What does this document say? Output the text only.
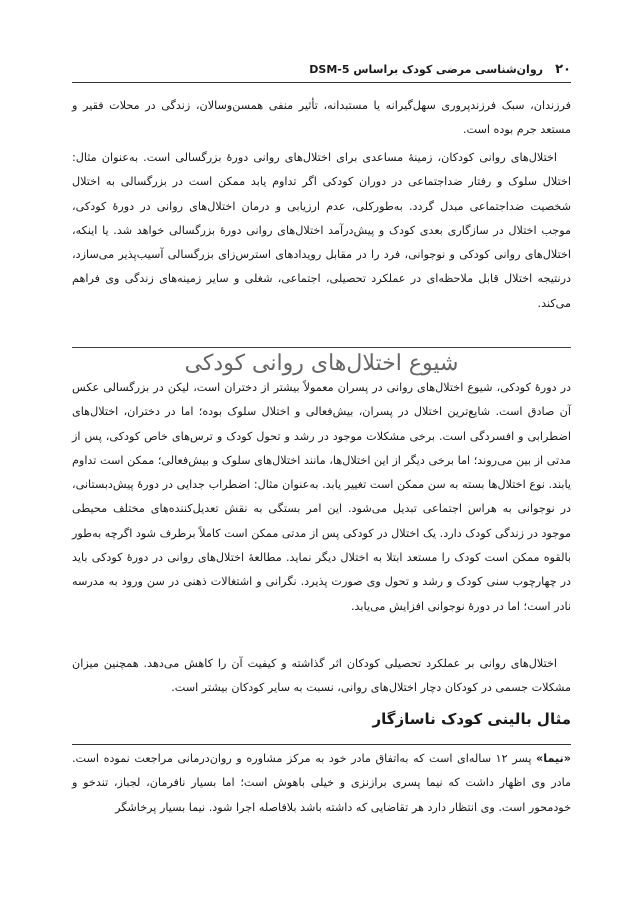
۲۰
روان‌شناسی مرضی کودک براساس DSM-5

فرزندان، سبک فرزندپروری سهل‌گیرانه یا مستبدانه، تأثیر منفی همسن‌وسالان، زندگی در محلات فقیر و مستعد جرم بوده است.

اختلال‌های روانی کودکان، زمینهٔ مساعدی برای اختلال‌های روانی دورهٔ بزرگسالی است. به‌عنوان مثال: اختلال سلوک و رفتار ضداجتماعی در دوران کودکی اگر تداوم یابد ممکن است در بزرگسالی به اختلال شخصیت ضداجتماعی مبدل گردد. به‌طورکلی، عدم ارزیابی و درمان اختلال‌های روانی در دورهٔ کودکی، موجب اختلال در سازگاری بعدی کودک و پیش‌درآمد اختلال‌های روانی دورهٔ بزرگسالی خواهد شد. یا اینکه، اختلال‌های روانی کودکی و نوجوانی، فرد را در مقابل رویدادهای استرس‌زای بزرگسالی آسیب‌پذیر می‌سازد، درنتیجه اختلال قابل ملاحظه‌ای در عملکرد تحصیلی، اجتماعی، شغلی و سایر زمینه‌های زندگی وی فراهم می‌کند.

شیوع اختلال‌های روانی کودکی

در دورهٔ کودکی، شیوع اختلال‌های روانی در پسران معمولاً بیشتر از دختران است، لیکن در بزرگسالی عکس آن صادق است. شایع‌ترین اختلال در پسران، بیش‌فعالی و اختلال سلوک بوده؛ اما در دختران، اختلال‌های اضطرابی و افسردگی است. برخی مشکلات موجود در رشد و تحول کودک و ترس‌های خاص کودکی، پس از مدتی از بین می‌روند؛ اما برخی دیگر از این اختلال‌ها، مانند اختلال‌های سلوک و بیش‌فعالی؛ ممکن است تداوم یابند. نوع اختلال‌ها بسته به سن ممکن است تغییر یابد. به‌عنوان مثال: اضطراب جدایی در دورهٔ پیش‌دبستانی، در نوجوانی به هراس اجتماعی تبدیل می‌شود. این امر بستگی به نقش تعدیل‌کننده‌های مختلف محیطی موجود در زندگی کودک دارد. یک اختلال در کودکی پس از مدتی ممکن است کاملاً برطرف شود اگرچه به‌طور بالقوه ممکن است کودک را مستعد ابتلا به اختلال دیگر نماید. مطالعهٔ اختلال‌های روانی در دورهٔ کودکی باید در چهارچوب سنی کودک و رشد و تحول وی صورت پذیرد. نگرانی و اشتغالات ذهنی در سن ورود به مدرسه نادر است؛ اما در دورهٔ نوجوانی افزایش می‌یابد.

اختلال‌های روانی بر عملکرد تحصیلی کودکان اثر گذاشته و کیفیت آن را کاهش می‌دهد. همچنین میزان مشکلات جسمی در کودکان دچار اختلال‌های روانی، نسبت به سایر کودکان بیشتر است.

مثال بالینی کودک ناسازگار

«نیما» پسر ۱۲ ساله‌ای است که به‌اتفاق مادر خود به مرکز مشاوره و روان‌درمانی مراجعت نموده است. مادر وی اظهار داشت که نیما پسری برازنزی و خیلی باهوش است؛ اما بسیار نافرمان، لجباز، تندخو و خودمحور است. وی انتظار دارد هر تقاضایی که داشته باشد بلافاصله اجرا شود. نیما بسیار پرخاشگر
